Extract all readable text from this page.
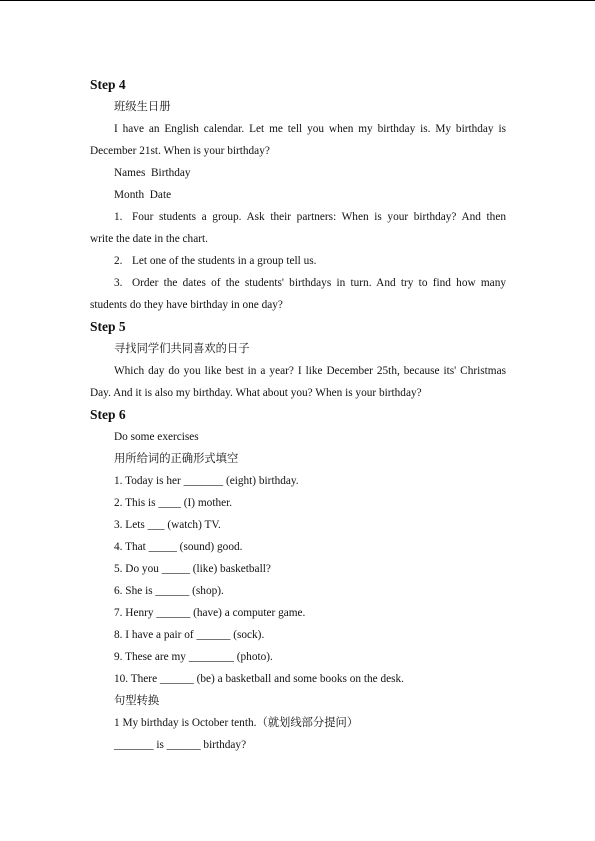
Step 4

班级生日册

I have an English calendar. Let me tell you when my birthday is. My birthday is

December 21st. When is your birthday?

Names  Birthday

Month  Date

1. Four students a group. Ask their partners: When is your birthday? And then

write the date in the chart.

2. Let one of the students in a group tell us.

3. Order the dates of the students' birthdays in turn. And try to find how many

students do they have birthday in one day?

Step 5

寻找同学们共同喜欢的日子

Which day do you like best in a year? I like December 25th, because its' Christmas

Day. And it is also my birthday. What about you? When is your birthday?

Step 6

Do some exercises

用所给词的正确形式填空

1. Today is her _______ (eight) birthday.

2. This is ____ (I) mother.

3. Lets ___ (watch) TV.

4. That _____ (sound) good.

5. Do you _____ (like) basketball?

6. She is ______ (shop).

7. Henry ______ (have) a computer game.

8. I have a pair of ______ (sock).

9. These are my ________ (photo).

10. There ______ (be) a basketball and some books on the desk.

句型转换

1 My birthday is October tenth.（就划线部分提问）

_______ is ______ birthday?
